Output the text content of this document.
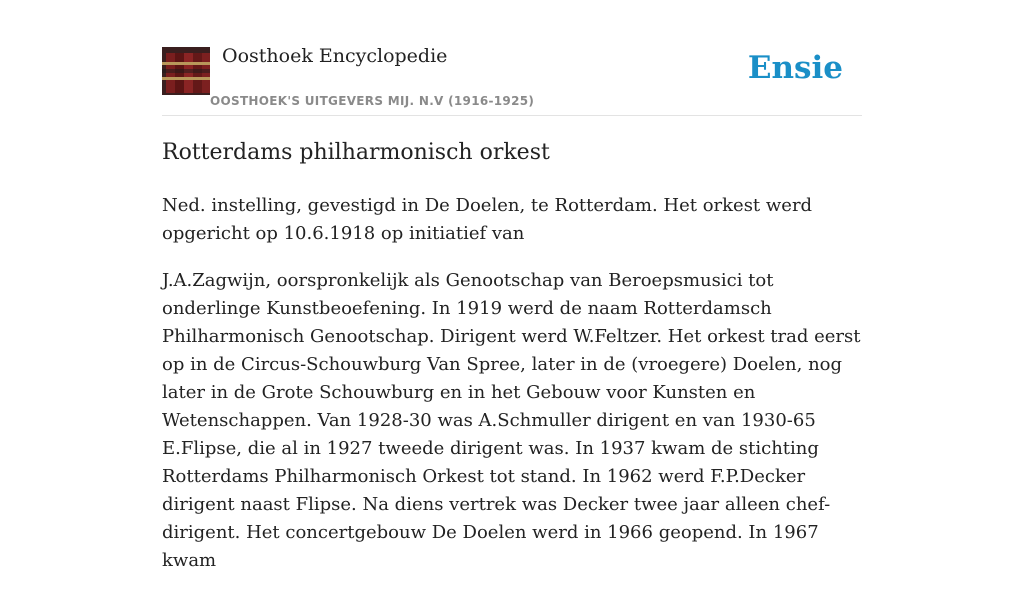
Oosthoek Encyclopedie
OOSTHOEK'S UITGEVERS MIJ. N.V (1916-1925)
Ensie
Rotterdams philharmonisch orkest

Ned. instelling, gevestigd in De Doelen, te Rotterdam. Het orkest werd opgericht op 10.6.1918 op initiatief van

J.A.Zagwijn, oorspronkelijk als Genootschap van Beroepsmusici tot onderlinge Kunstbeoefening. In 1919 werd de naam Rotterdamsch Philharmonisch Genootschap. Dirigent werd W.Feltzer. Het orkest trad eerst op in de Circus-Schouwburg Van Spree, later in de (vroegere) Doelen, nog later in de Grote Schouwburg en in het Gebouw voor Kunsten en Wetenschappen. Van 1928-30 was A.Schmuller dirigent en van 1930-65 E.Flipse, die al in 1927 tweede dirigent was. In 1937 kwam de stichting Rotterdams Philharmonisch Orkest tot stand. In 1962 werd F.P.Decker dirigent naast Flipse. Na diens vertrek was Decker twee jaar alleen chef-dirigent. Het concertgebouw De Doelen werd in 1966 geopend. In 1967 kwam
